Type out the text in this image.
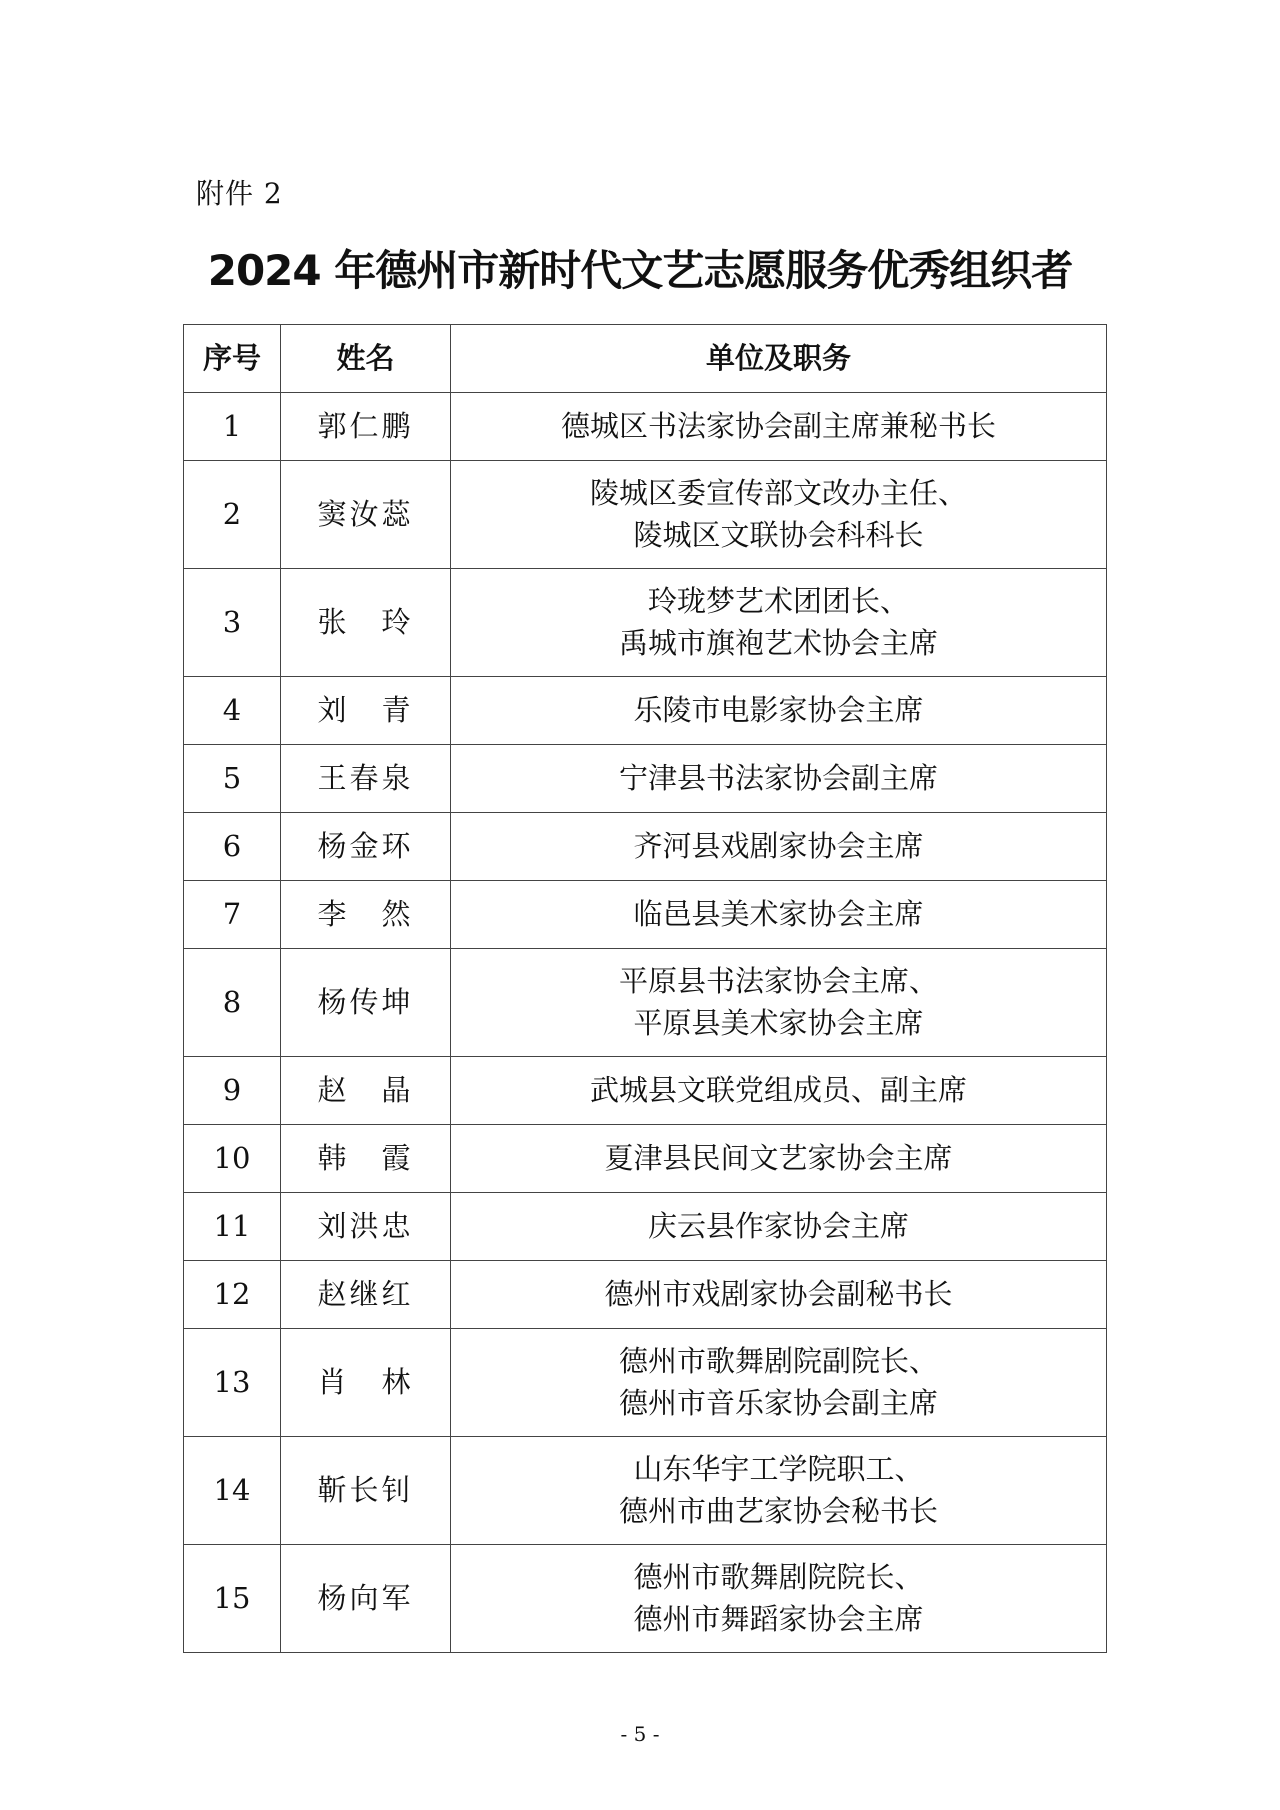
附件 2
2024 年德州市新时代文艺志愿服务优秀组织者
序号	姓名	单位及职务
1	郭仁鹏	德城区书法家协会副主席兼秘书长

2	窦汝蕊	陵城区委宣传部文改办主任、
陵城区文联协会科科长

3	张　玲	玲珑梦艺术团团长、
禹城市旗袍艺术协会主席

4	刘　青	乐陵市电影家协会主席

5	王春泉	宁津县书法家协会副主席

6	杨金环	齐河县戏剧家协会主席

7	李　然	临邑县美术家协会主席

8	杨传坤	平原县书法家协会主席、
平原县美术家协会主席

9	赵　晶	武城县文联党组成员、副主席

10	韩　霞	夏津县民间文艺家协会主席

11	刘洪忠	庆云县作家协会主席

12	赵继红	德州市戏剧家协会副秘书长

13	肖　林	德州市歌舞剧院副院长、
德州市音乐家协会副主席

14	靳长钊	山东华宇工学院职工、
德州市曲艺家协会秘书长

15	杨向军	德州市歌舞剧院院长、
德州市舞蹈家协会主席
- 5 -
